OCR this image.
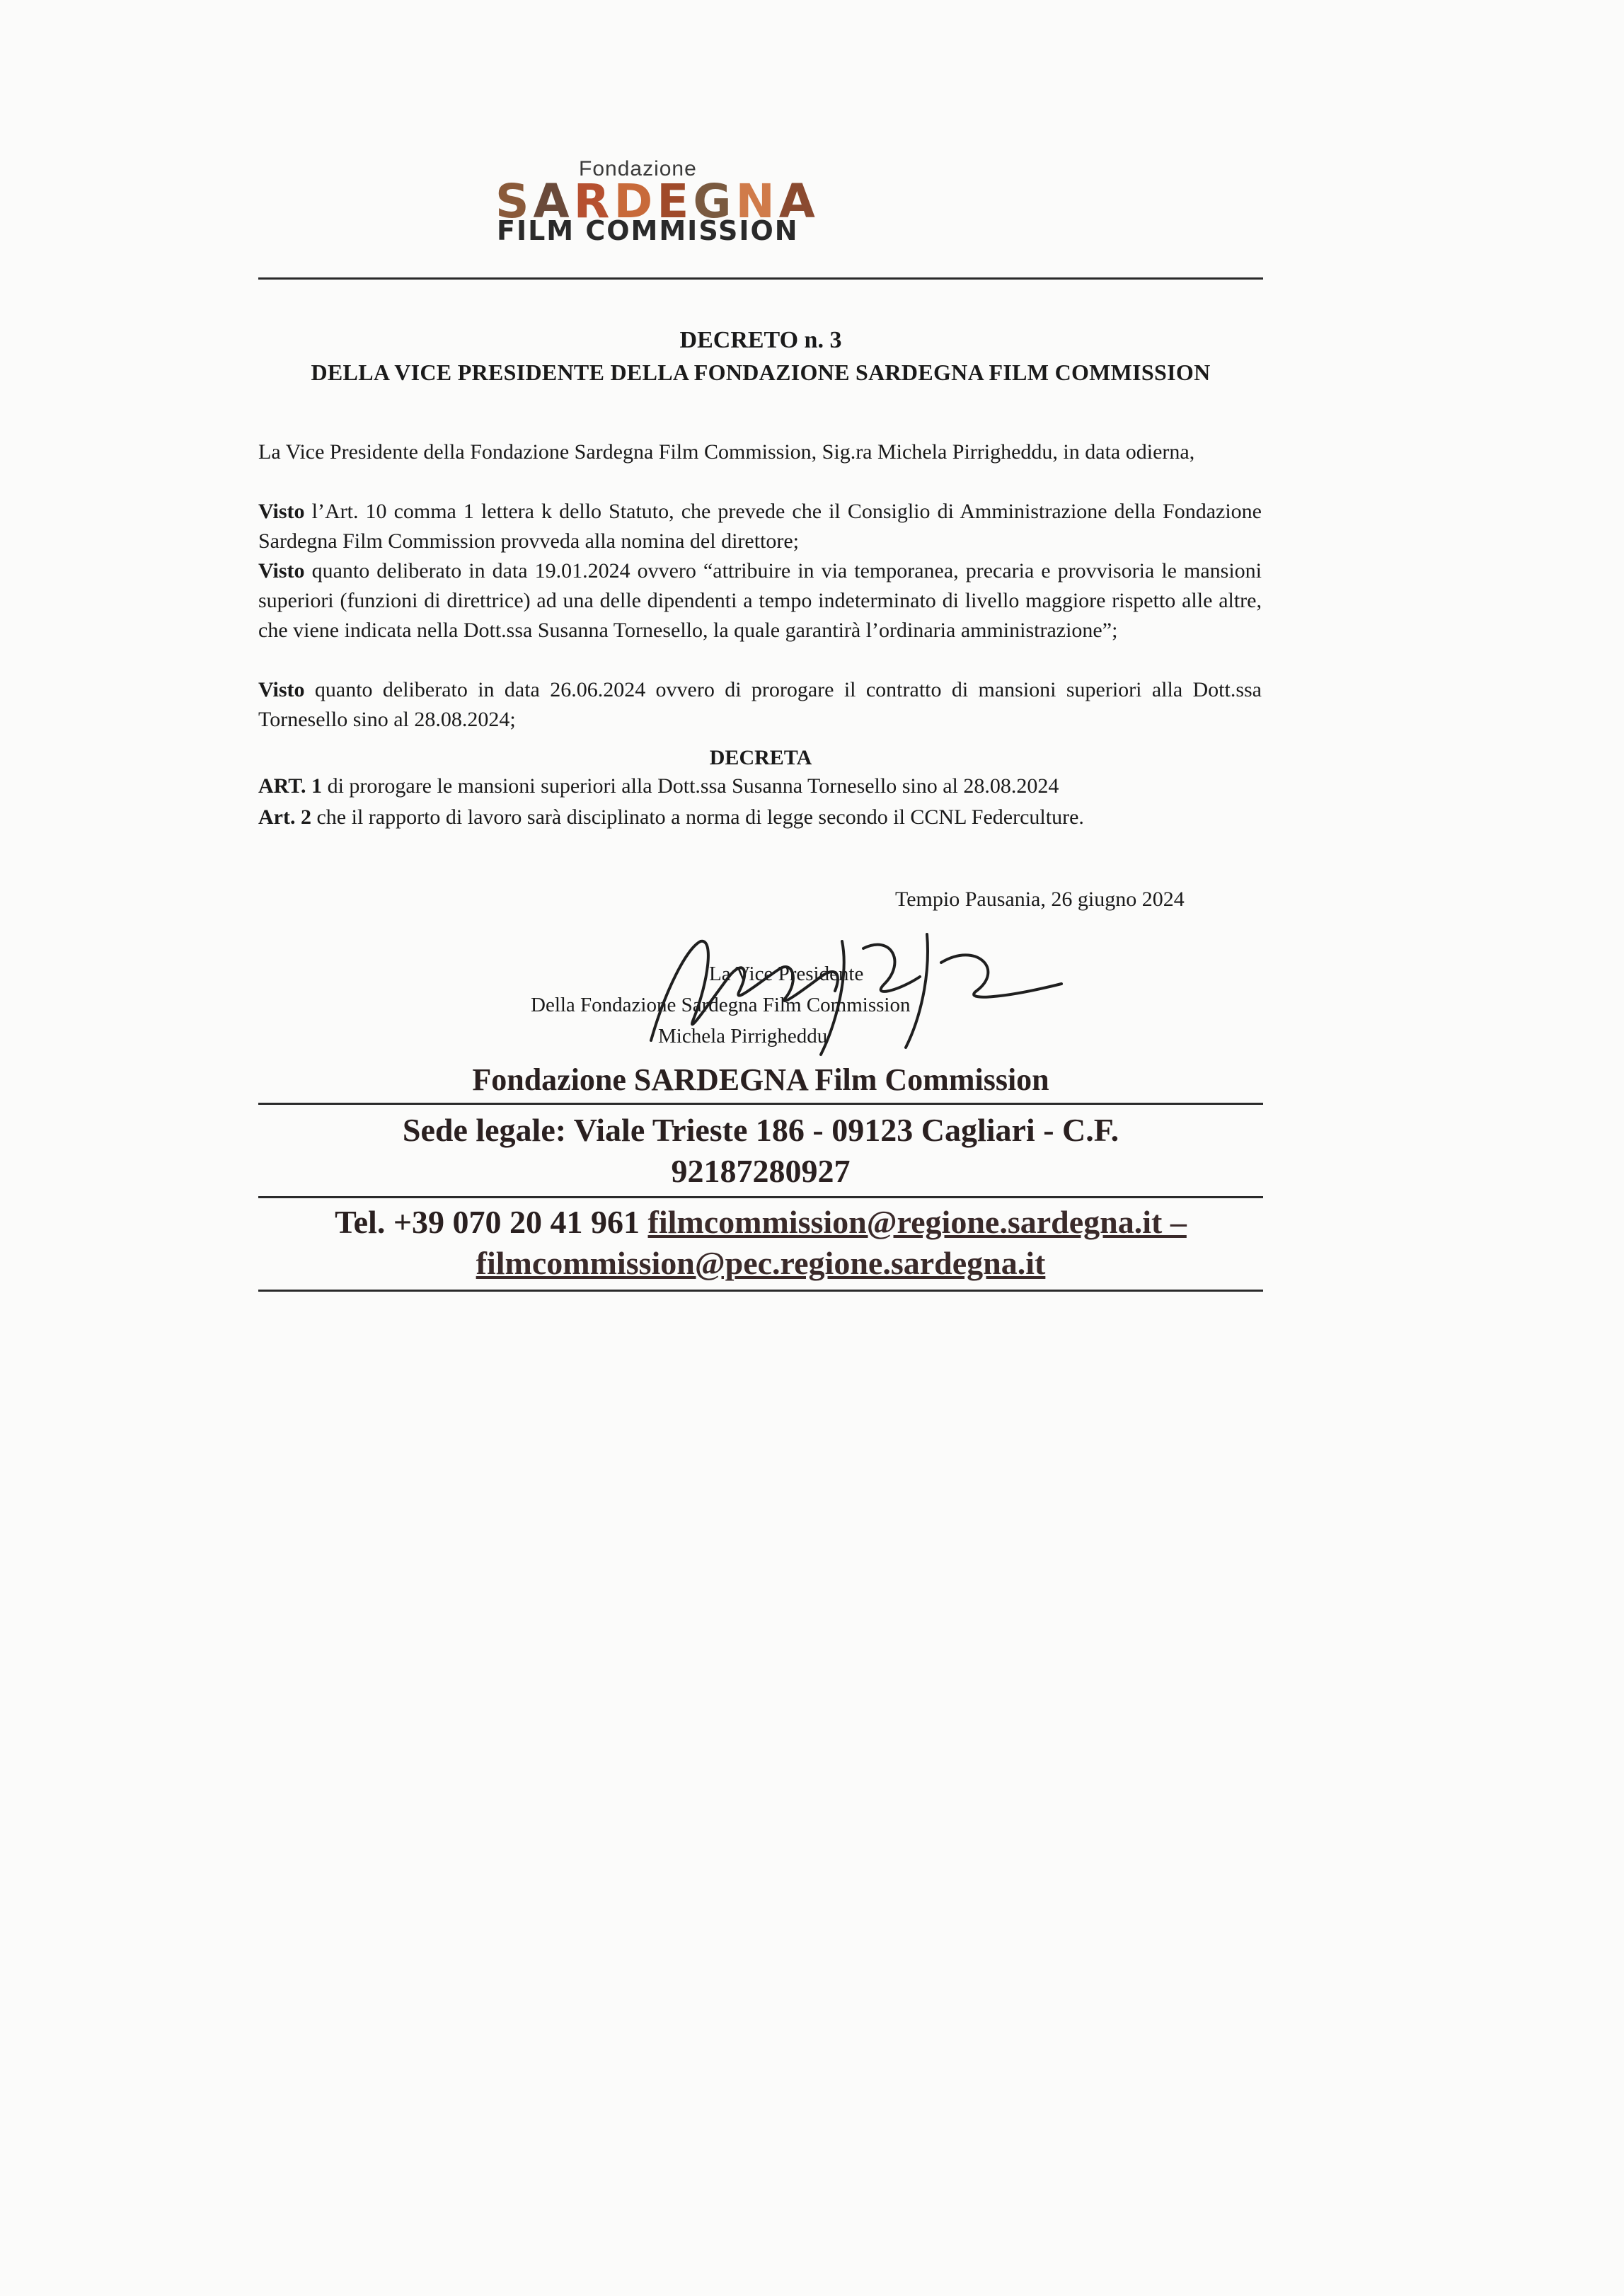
Fondazione
SARDEGNA
FILM COMMISSION
DECRETO n. 3
DELLA VICE PRESIDENTE DELLA FONDAZIONE SARDEGNA FILM COMMISSION
La Vice Presidente della Fondazione Sardegna Film Commission, Sig.ra Michela Pirrigheddu, in data odierna,
Visto l’Art. 10 comma 1 lettera k dello Statuto, che prevede che il Consiglio di Amministrazione della Fondazione Sardegna Film Commission provveda alla nomina del direttore;
Visto quanto deliberato in data 19.01.2024 ovvero “attribuire in via temporanea, precaria e provvisoria le mansioni superiori (funzioni di direttrice) ad una delle dipendenti a tempo indeterminato di livello maggiore rispetto alle altre, che viene indicata nella Dott.ssa Susanna Tornesello, la quale garantirà l’ordinaria amministrazione”;
Visto quanto deliberato in data 26.06.2024 ovvero di prorogare il contratto di mansioni superiori alla Dott.ssa Tornesello sino al 28.08.2024;
DECRETA
ART. 1 di prorogare le mansioni superiori alla Dott.ssa Susanna Tornesello sino al 28.08.2024
Art. 2 che il rapporto di lavoro sarà disciplinato a norma di legge secondo il CCNL Federculture.
Tempio Pausania, 26 giugno 2024
La Vice Presidente
Della Fondazione Sardegna Film Commission
Michela Pirrigheddu
Fondazione SARDEGNA Film Commission
Sede legale: Viale Trieste 186 - 09123 Cagliari - C.F.
92187280927
Tel. +39 070 20 41 961 filmcommission@regione.sardegna.it –
filmcommission@pec.regione.sardegna.it
